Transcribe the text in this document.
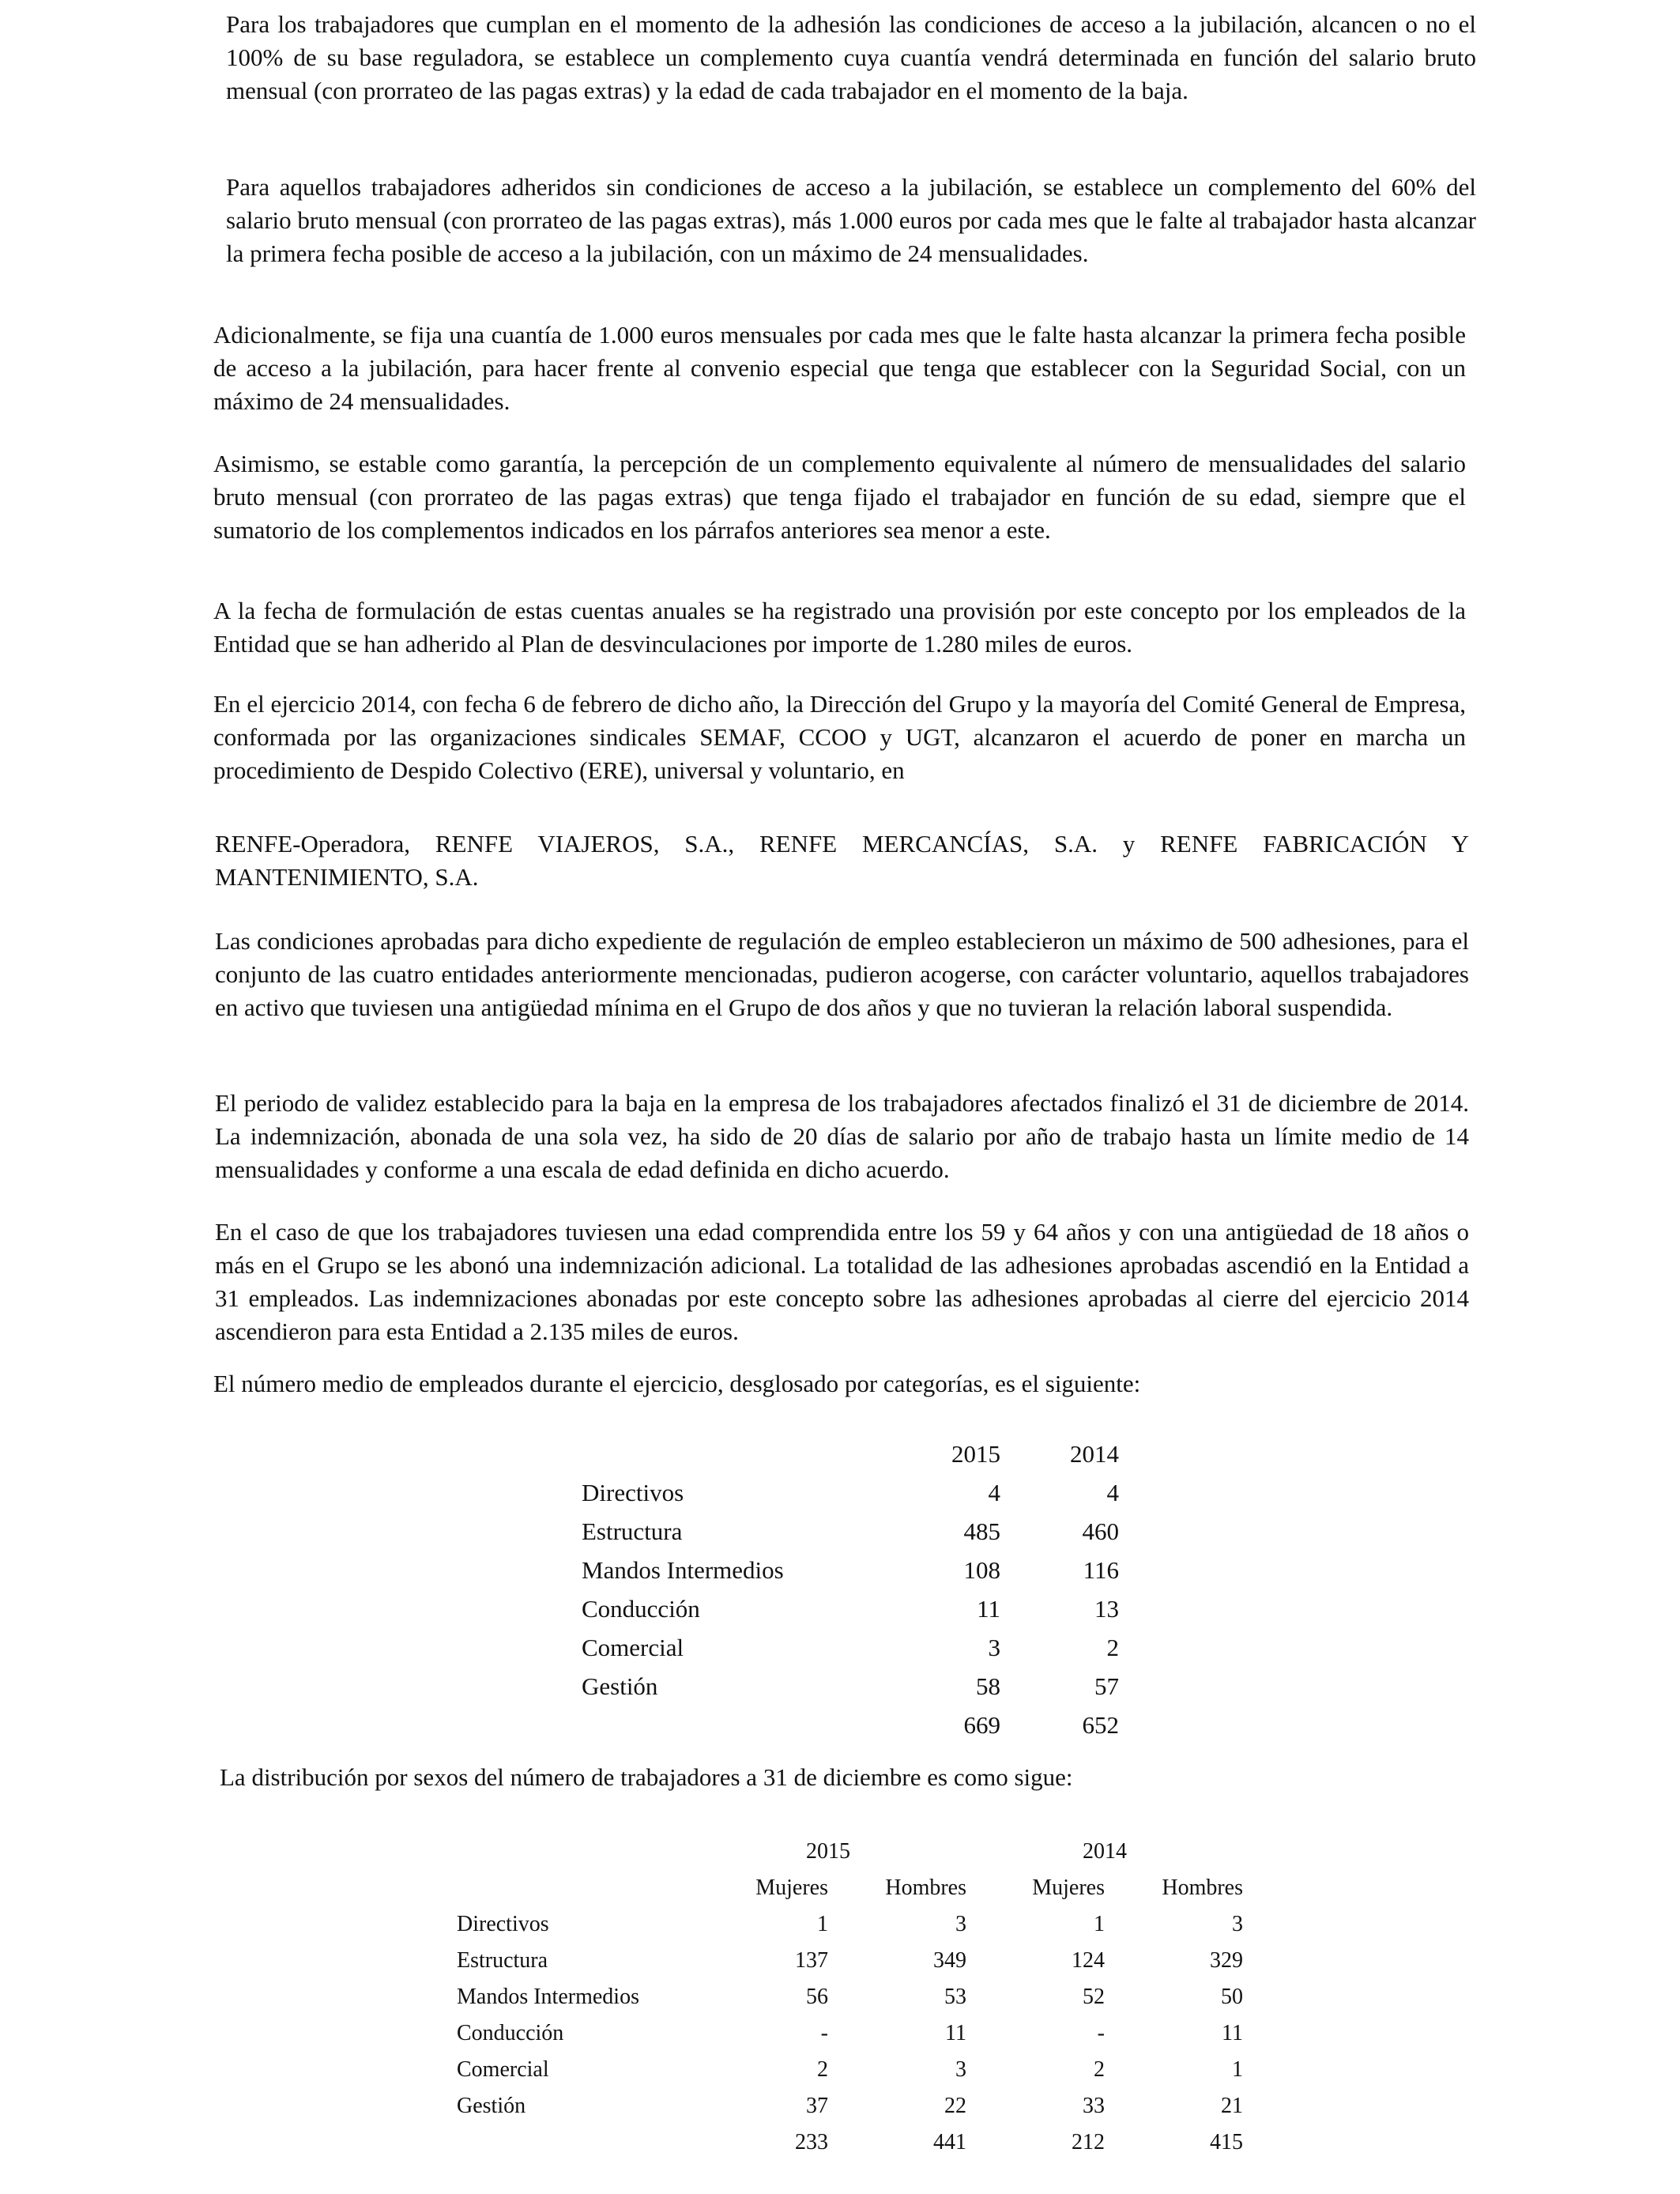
Para los trabajadores que cumplan en el momento de la adhesión las condiciones de acceso a la jubilación, alcancen o no el 100% de su base reguladora, se establece un complemento cuya cuantía vendrá determinada en función del salario bruto mensual (con prorrateo de las pagas extras) y la edad de cada trabajador en el momento de la baja.

Para aquellos trabajadores adheridos sin condiciones de acceso a la jubilación, se establece un complemento del 60% del salario bruto mensual (con prorrateo de las pagas extras), más 1.000 euros por cada mes que le falte al trabajador hasta alcanzar la primera fecha posible de acceso a la jubilación, con un máximo de 24 mensualidades.

Adicionalmente, se fija una cuantía de 1.000 euros mensuales por cada mes que le falte hasta alcanzar la primera fecha posible de acceso a la jubilación, para hacer frente al convenio especial que tenga que establecer con la Seguridad Social, con un máximo de 24 mensualidades.

Asimismo, se estable como garantía, la percepción de un complemento equivalente al número de mensualidades del salario bruto mensual (con prorrateo de las pagas extras) que tenga fijado el trabajador en función de su edad, siempre que el sumatorio de los complementos indicados en los párrafos anteriores sea menor a este.

A la fecha de formulación de estas cuentas anuales se ha registrado una provisión por este concepto por los empleados de la Entidad que se han adherido al Plan de desvinculaciones por importe de 1.280 miles de euros.

En el ejercicio 2014, con fecha 6 de febrero de dicho año, la Dirección del Grupo y la mayoría del Comité General de Empresa, conformada por las organizaciones sindicales SEMAF, CCOO y UGT, alcanzaron el acuerdo de poner en marcha un procedimiento de Despido Colectivo (ERE), universal y voluntario, en

RENFE-Operadora, RENFE VIAJEROS, S.A., RENFE MERCANCÍAS, S.A. y RENFE FABRICACIÓN Y MANTENIMIENTO, S.A.

Las condiciones aprobadas para dicho expediente de regulación de empleo establecieron un máximo de 500 adhesiones, para el conjunto de las cuatro entidades anteriormente mencionadas, pudieron acogerse, con carácter voluntario, aquellos trabajadores en activo que tuviesen una antigüedad mínima en el Grupo de dos años y que no tuvieran la relación laboral suspendida.

El periodo de validez establecido para la baja en la empresa de los trabajadores afectados finalizó el 31 de diciembre de 2014. La indemnización, abonada de una sola vez, ha sido de 20 días de salario por año de trabajo hasta un límite medio de 14 mensualidades y conforme a una escala de edad definida en dicho acuerdo.

En el caso de que los trabajadores tuviesen una edad comprendida entre los 59 y 64 años y con una antigüedad de 18 años o más en el Grupo se les abonó una indemnización adicional. La totalidad de las adhesiones aprobadas ascendió en la Entidad a 31 empleados. Las indemnizaciones abonadas por este concepto sobre las adhesiones aprobadas al cierre del ejercicio 2014 ascendieron para esta Entidad a 2.135 miles de euros.

El número medio de empleados durante el ejercicio, desglosado por categorías, es el siguiente:

	2015	2014
Directivos	4	4
Estructura	485	460
Mandos Intermedios	108	116
Conducción	11	13
Comercial	3	2
Gestión	58	57
	669	652

La distribución por sexos del número de trabajadores a 31 de diciembre es como sigue:

	2015		2014	
	Mujeres	Hombres	Mujeres	Hombres
Directivos	1	3	1	3
Estructura	137	349	124	329
Mandos Intermedios	56	53	52	50
Conducción	-	11	-	11
Comercial	2	3	2	1
Gestión	37	22	33	21
	233	441	212	415
